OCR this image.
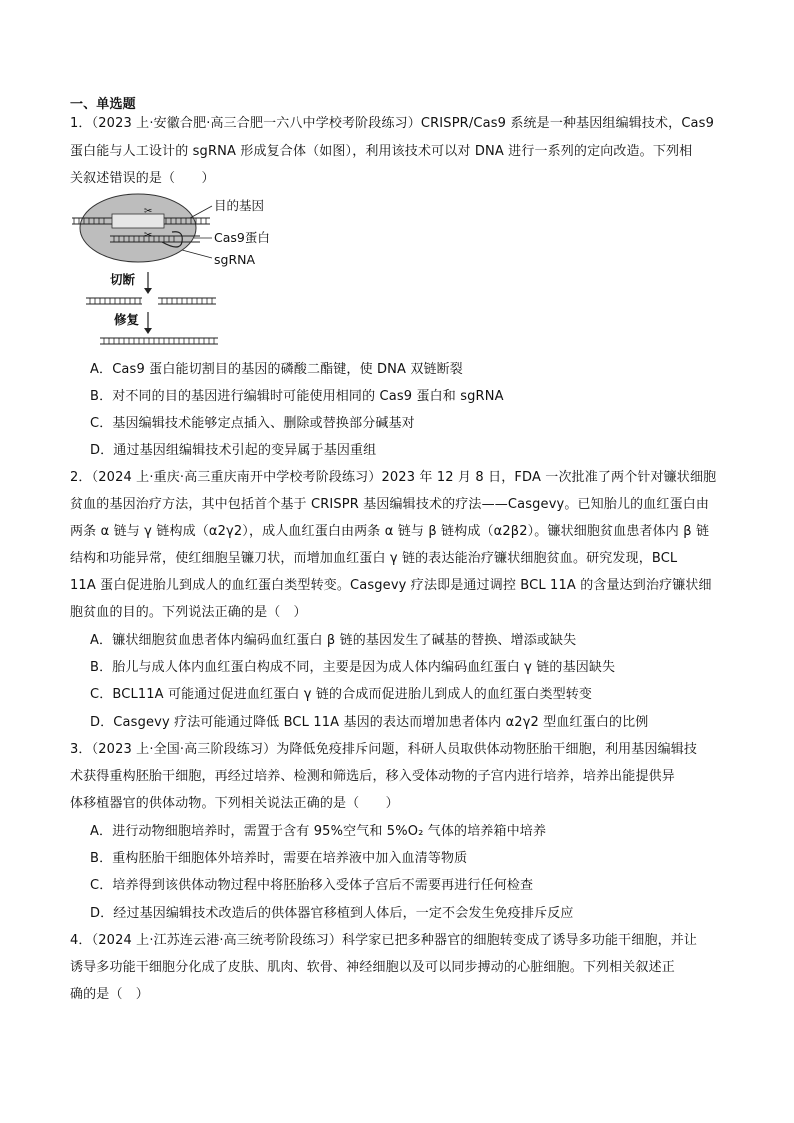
一、单选题
1．（2023 上·安徽合肥·高三合肥一六八中学校考阶段练习）CRISPR/Cas9 系统是一种基因组编辑技术，Cas9
蛋白能与人工设计的 sgRNA 形成复合体（如图），利用该技术可以对 DNA 进行一系列的定向改造。下列相
关叙述错误的是（　　）
✂
✂
目的基因
Cas9蛋白
sgRNA
切断
修复
A．Cas9 蛋白能切割目的基因的磷酸二酯键，使 DNA 双链断裂
B．对不同的目的基因进行编辑时可能使用相同的 Cas9 蛋白和 sgRNA
C．基因编辑技术能够定点插入、删除或替换部分碱基对
D．通过基因组编辑技术引起的变异属于基因重组
2．（2024 上·重庆·高三重庆南开中学校考阶段练习）2023 年 12 月 8 日，FDA 一次批准了两个针对镰状细胞
贫血的基因治疗方法，其中包括首个基于 CRISPR 基因编辑技术的疗法——Casgevy。已知胎儿的血红蛋白由
两条 α 链与 γ 链构成（α2γ2），成人血红蛋白由两条 α 链与 β 链构成（α2β2）。镰状细胞贫血患者体内 β 链
结构和功能异常，使红细胞呈镰刀状，而增加血红蛋白 γ 链的表达能治疗镰状细胞贫血。研究发现，BCL
11A 蛋白促进胎儿到成人的血红蛋白类型转变。Casgevy 疗法即是通过调控 BCL 11A 的含量达到治疗镰状细
胞贫血的目的。下列说法正确的是（　）
A．镰状细胞贫血患者体内编码血红蛋白 β 链的基因发生了碱基的替换、增添或缺失
B．胎儿与成人体内血红蛋白构成不同，主要是因为成人体内编码血红蛋白 γ 链的基因缺失
C．BCL11A 可能通过促进血红蛋白 γ 链的合成而促进胎儿到成人的血红蛋白类型转变
D．Casgevy 疗法可能通过降低 BCL 11A 基因的表达而增加患者体内 α2γ2 型血红蛋白的比例
3．（2023 上·全国·高三阶段练习）为降低免疫排斥问题，科研人员取供体动物胚胎干细胞，利用基因编辑技
术获得重构胚胎干细胞，再经过培养、检测和筛选后，移入受体动物的子宫内进行培养，培养出能提供异
体移植器官的供体动物。下列相关说法正确的是（　　）
A．进行动物细胞培养时，需置于含有 95%空气和 5%O₂ 气体的培养箱中培养
B．重构胚胎干细胞体外培养时，需要在培养液中加入血清等物质
C．培养得到该供体动物过程中将胚胎移入受体子宫后不需要再进行任何检查
D．经过基因编辑技术改造后的供体器官移植到人体后，一定不会发生免疫排斥反应
4．（2024 上·江苏连云港·高三统考阶段练习）科学家已把多种器官的细胞转变成了诱导多功能干细胞，并让
诱导多功能干细胞分化成了皮肤、肌肉、软骨、神经细胞以及可以同步搏动的心脏细胞。下列相关叙述正
确的是（　）
